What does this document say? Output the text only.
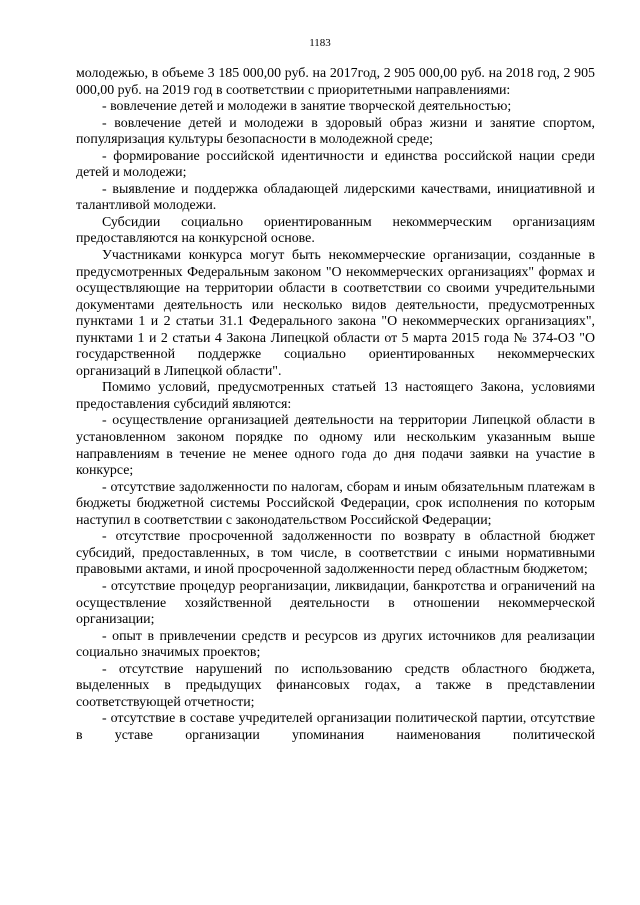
1183

молодежью, в объеме 3 185 000,00 руб. на 2017год, 2 905 000,00 руб. на 2018 год, 2 905 000,00 руб. на 2019 год в соответствии с приоритетными направлениями:

- вовлечение детей и молодежи в занятие творческой деятельностью;

- вовлечение детей и молодежи в здоровый образ жизни и занятие спортом, популяризация культуры безопасности в молодежной среде;

- формирование российской идентичности и единства российской нации среди детей и молодежи;

- выявление и поддержка обладающей лидерскими качествами, инициативной и талантливой молодежи.

Субсидии социально ориентированным некоммерческим организациям предоставляются на конкурсной основе.

Участниками конкурса могут быть некоммерческие организации, созданные в предусмотренных Федеральным законом "О некоммерческих организациях" формах и осуществляющие на территории области в соответствии со своими учредительными документами деятельность или несколько видов деятельности, предусмотренных пунктами 1 и 2 статьи 31.1 Федерального закона "О некоммерческих организациях", пунктами 1 и 2 статьи 4 Закона Липецкой области от 5 марта 2015 года № 374-ОЗ "О государственной поддержке социально ориентированных некоммерческих организаций в Липецкой области".

Помимо условий, предусмотренных статьей 13 настоящего Закона, условиями предоставления субсидий являются:

- осуществление организацией деятельности на территории Липецкой области в установленном законом порядке по одному или нескольким указанным выше направлениям в течение не менее одного года до дня подачи заявки на участие в конкурсе;

- отсутствие задолженности по налогам, сборам и иным обязательным платежам в бюджеты бюджетной системы Российской Федерации, срок исполнения по которым наступил в соответствии с законодательством Российской Федерации;

- отсутствие просроченной задолженности по возврату в областной бюджет субсидий, предоставленных, в том числе, в соответствии с иными нормативными правовыми актами, и иной просроченной задолженности перед областным бюджетом;

- отсутствие процедур реорганизации, ликвидации, банкротства и ограничений на осуществление хозяйственной деятельности в отношении некоммерческой организации;

- опыт в привлечении средств и ресурсов из других источников для реализации социально значимых проектов;

- отсутствие нарушений по использованию средств областного бюджета, выделенных в предыдущих финансовых годах, а также в представлении соответствующей отчетности;

- отсутствие в составе учредителей организации политической партии, отсутствие в уставе организации упоминания наименования политической
